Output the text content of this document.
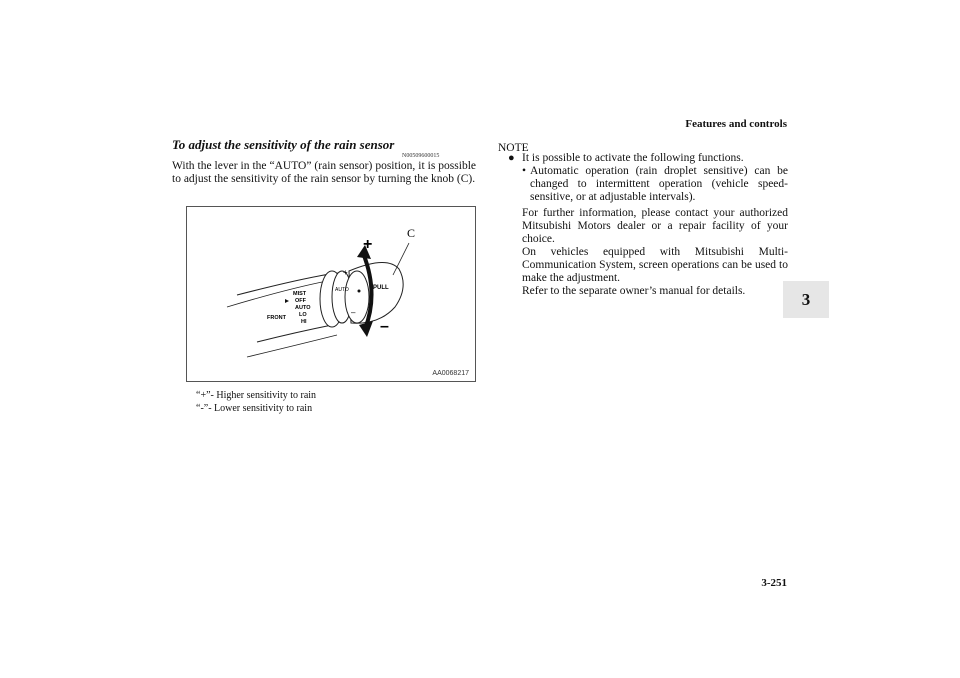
Features and controls
3
To adjust the sensitivity of the rain sensor
N00509600015
With the lever in the “AUTO” (rain sensor) position, it is possible to adjust the sensitivity of the rain sensor by turning the knob (C).
+
–
C
+
AUTO
–
PULL
MIST
OFF
AUTO
LO
HI
FRONT
AA0068217
“+”- Higher sensitivity to rain
“-”- Lower sensitivity to rain
NOTE
● It is possible to activate the following functions.
• Automatic operation (rain droplet sensitive) can be changed to intermittent operation (vehicle speed-sensitive, or at adjustable intervals).

For further information, please contact your authorized Mitsubishi Motors dealer or a repair facility of your choice.

On vehicles equipped with Mitsubishi Multi-Communication System, screen operations can be used to make the adjustment.

Refer to the separate owner’s manual for details.

3-251
